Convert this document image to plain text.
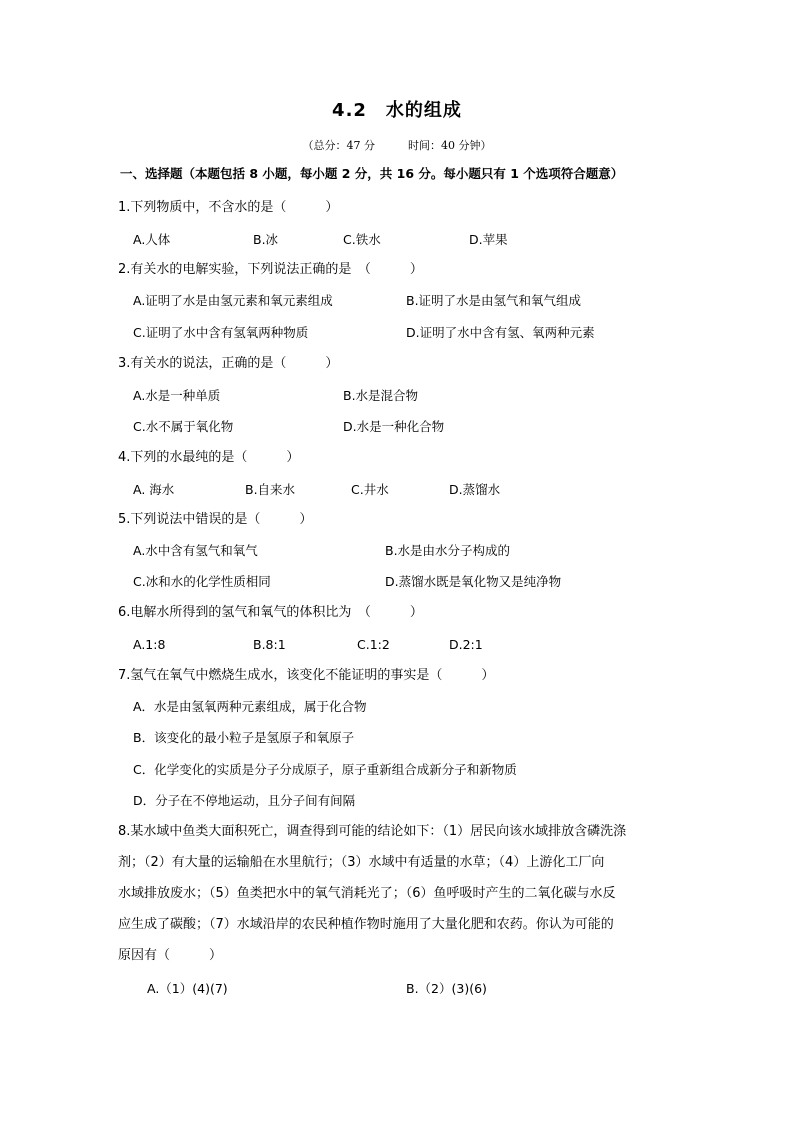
4.2　水的组成
（总分：47 分　　　时间：40 分钟）
一、选择题（本题包括 8 小题，每小题 2 分，共 16 分。每小题只有 1 个选项符合题意）
1.下列物质中，不含水的是（　　　）
A.人体	B.冰	C.铁水	D.苹果
2.有关水的电解实验，下列说法正确的是　（　　　）
A.证明了水是由氢元素和氧元素组成	B.证明了水是由氢气和氧气组成
C.证明了水中含有氢氧两种物质	D.证明了水中含有氢、氧两种元素
3.有关水的说法，正确的是（　　　）
A.水是一种单质	B.水是混合物
C.水不属于氧化物	D.水是一种化合物
4.下列的水最纯的是（　　　）
A. 海水	B.自来水	C.井水	D.蒸馏水
5.下列说法中错误的是（　　　）
A.水中含有氢气和氧气	B.水是由水分子构成的
C.冰和水的化学性质相同	D.蒸馏水既是氧化物又是纯净物
6.电解水所得到的氢气和氧气的体积比为　（　　　）
A.1:8	B.8:1	C.1:2	D.2:1
7.氢气在氧气中燃烧生成水，该变化不能证明的事实是（　　　）
A．水是由氢氧两种元素组成，属于化合物
B．该变化的最小粒子是氢原子和氧原子
C．化学变化的实质是分子分成原子，原子重新组合成新分子和新物质
D．分子在不停地运动，且分子间有间隔
8.某水域中鱼类大面积死亡，调查得到可能的结论如下：（1）居民向该水域排放含磷洗涤
剂；（2）有大量的运输船在水里航行；（3）水域中有适量的水草；（4）上游化工厂向
水域排放废水；（5）鱼类把水中的氧气消耗光了；（6）鱼呼吸时产生的二氧化碳与水反
应生成了碳酸；（7）水域沿岸的农民种植作物时施用了大量化肥和农药。你认为可能的
原因有（　　　）
A.（1）(4)(7)	B.（2）(3)(6)
